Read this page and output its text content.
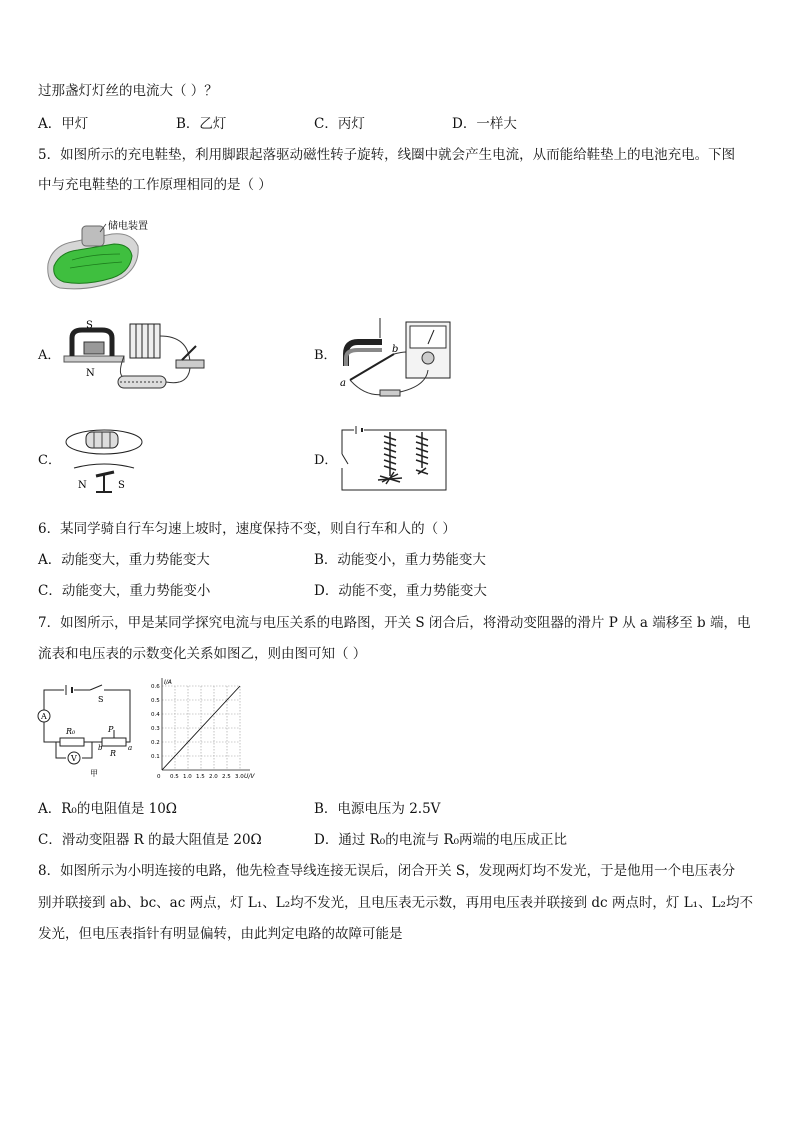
过那盏灯灯丝的电流大（ ）？
A．甲灯	B．乙灯	C．丙灯	D．一样大
5．如图所示的充电鞋垫，利用脚跟起落驱动磁性转子旋转，线圈中就会产生电流，从而能给鞋垫上的电池充电。下图
中与充电鞋垫的工作原理相同的是（ ）
储电装置
A．
S
N
B．
a
b
C．
N	S
D．
6．某同学骑自行车匀速上坡时，速度保持不变，则自行车和人的（ ）
A．动能变大，重力势能变大	B．动能变小，重力势能变大
C．动能变大，重力势能变小	D．动能不变，重力势能变大
7．如图所示，甲是某同学探究电流与电压关系的电路图，开关 S 闭合后，将滑动变阻器的滑片 P 从 a 端移至 b 端，电
流表和电压表的示数变化关系如图乙，则由图可知（ ）
S
A
R₀	P
R
b	a
V
甲	0.5 1.0 1.5 2.0 2.5 3.0
0.1
0.2
0.3
0.4
0.5
0.6
0
I/A
U/V
A．R₀的电阻值是 10Ω	B．电源电压为 2.5V
C．滑动变阻器 R 的最大阻值是 20Ω	D．通过 R₀的电流与 R₀两端的电压成正比
8．如图所示为小明连接的电路，他先检查导线连接无误后，闭合开关 S，发现两灯均不发光，于是他用一个电压表分
别并联接到 ab、bc、ac 两点，灯 L₁、L₂均不发光，且电压表无示数，再用电压表并联接到 dc 两点时，灯 L₁、L₂均不
发光，但电压表指针有明显偏转，由此判定电路的故障可能是
